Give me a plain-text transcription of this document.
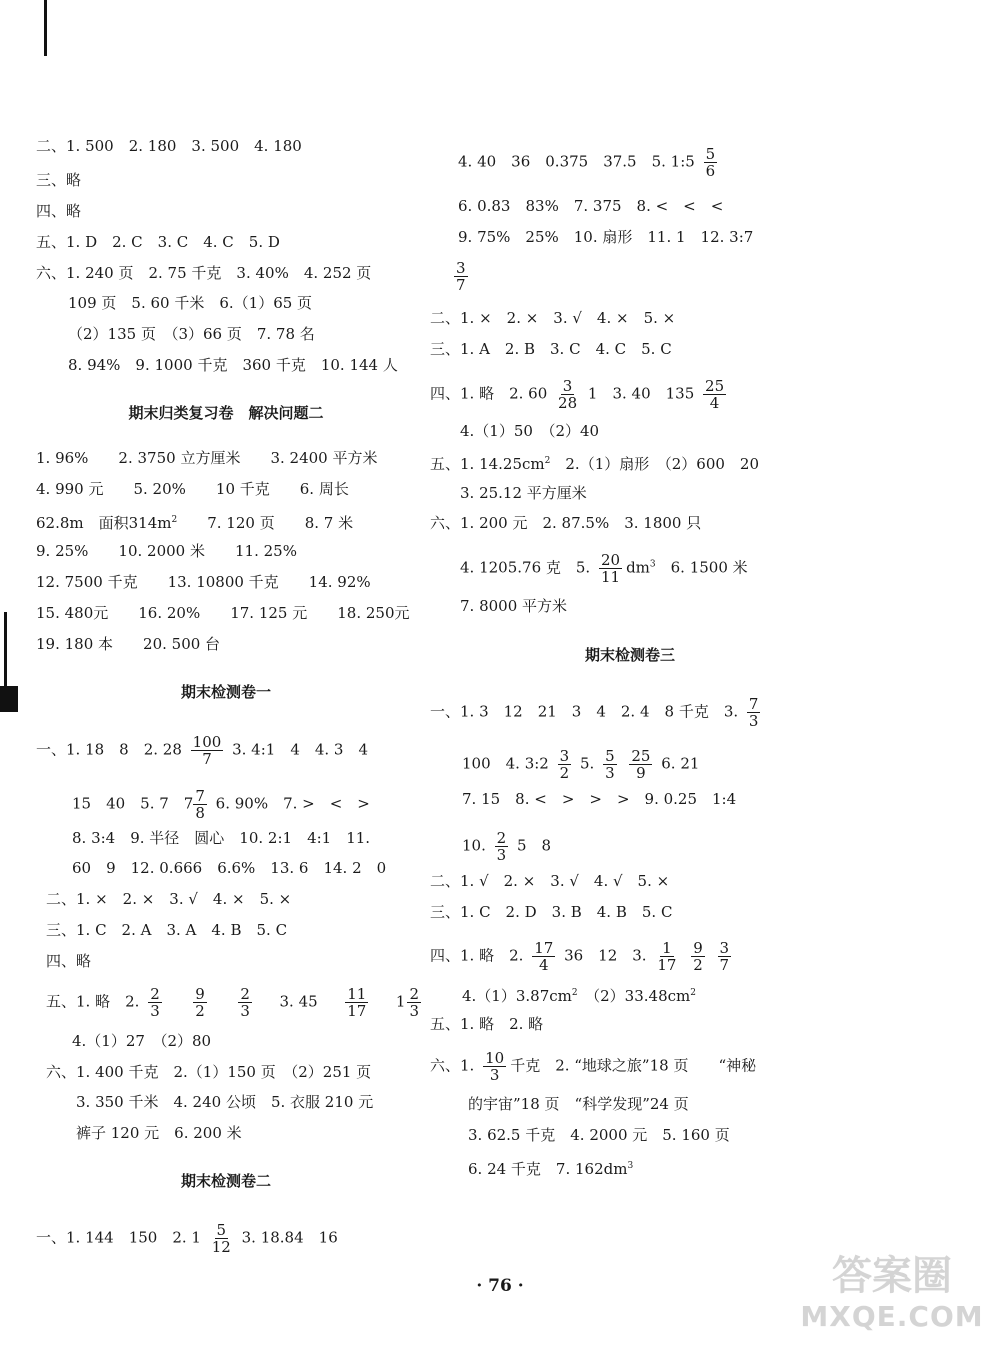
二、1. 500　2. 180　3. 500　4. 180
三、略
四、略
五、1. D　2. C　3. C　4. C　5. D
六、1. 240 页　2. 75 千克　3. 40%　4. 252 页
109 页　5. 60 千米　6.（1）65 页
（2）135 页　（3）66 页　7. 78 名
8. 94%　9. 1000 千克　360 千克　10. 144 人
期末归类复习卷　解决问题二
1. 96%　　2. 3750 立方厘米　　3. 2400 平方米
4. 990 元　　5. 20%　　10 千克　　6. 周长
62.8m　面积$314m^2$　　7. 120 页　　8. 7 米
9. 25%　　10. 2000 米　　11. 25%
12. 7500 千克　　13. 10800 千克　　14. 92%
15. 480元　　16. 20%　　17. 125 元　　18. 250元
19. 180 本　　20. 500 台
期末检测卷一
一、1. 18　8　2. $28 \frac{100}{7} 3$. 4:1　4　4. 3　4
15　40　5. 7　$7 \frac{7}{8} 6$. 90%　7. >　<　>
8. 3:4　9. 半径　圆心　10. 2:1　4:1　11.
60　9　12. 0.666　6.6%　13. 6　14. 2　0
二、1. ×　2. ×　3. √　4. ×　5. ×
三、1. C　2. A　3. A　4. B　5. C
四、略
五、1. 略　2. $\frac{2}{3}$
$\frac{9}{2}$
$\frac{2}{3} 3$. $45 \frac{11}{17} 1 \frac{2}{3}$
4.（1）27　（2）80
六、1. 400 千克　2.（1）150 页　（2）251 页
3. 350 千米　4. 240 公顷　5. 衣服 210 元
裤子 120 元　6. 200 米
期末检测卷二
一、1. 144　150　2. $1 \frac{5}{12} 3$. 18.84　16
4. 40　36　0.375　37.5　5. 1:5 $\frac{5}{6}$
6. 0.83　83%　7. 375　8. <　<　<
9. 75%　25%　10. 扇形　11. 1　12. 3:7
$\frac{3}{7}$
二、1. ×　2. ×　3. √　4. ×　5. ×
三、1. A　2. B　3. C　4. C　5. C
四、1. 略　2. $60 \frac{3}{28} 1$　3. 40　$135 \frac{25}{4}$
4.（1）50　（2）40
五、1. $14.25cm^2$　2.（1）扇形　（2）600　20
3. 25.12 平方厘米
六、1. 200 元　2. 87.5%　3. 1800 只
4. 1205.76 克　5. $\frac{20}{11} dm^3$　6. 1500 米
7. 8000 平方米
期末检测卷三
一、1. 3　12　21　3　4　2. 4　8 千克　3. $\frac{7}{3}$
100　4. 3:2 $\frac{3}{2} 5$. $\frac{5}{3}$
$\frac{25}{9} 6$. 21
7. 15　8. <　>　>　>　9. 0.25　1:4
10. $\frac{2}{3} 5$　8
二、1. √　2. ×　3. √　4. √　5. ×
三、1. C　2. D　3. B　4. B　5. C
四、1. 略　2. $\frac{17}{4} 36$　12　3. $\frac{1}{17}$
$\frac{9}{2}$
$\frac{3}{7}$
$4.(1)3.87cm^2$　$(2)33.48cm^2$
五、1. 略　2. 略
六、1. $\frac{10}{3}$ 千克　2. “地球之旅”18 页　　“神秘
的宇宙”18 页　“科学发现”24 页
3. 62.5 千克　4. 2000 元　5. 160 页
6. 24 千克　7. $162dm^3$
· 76 ·	答案圈
MXQE.COM
